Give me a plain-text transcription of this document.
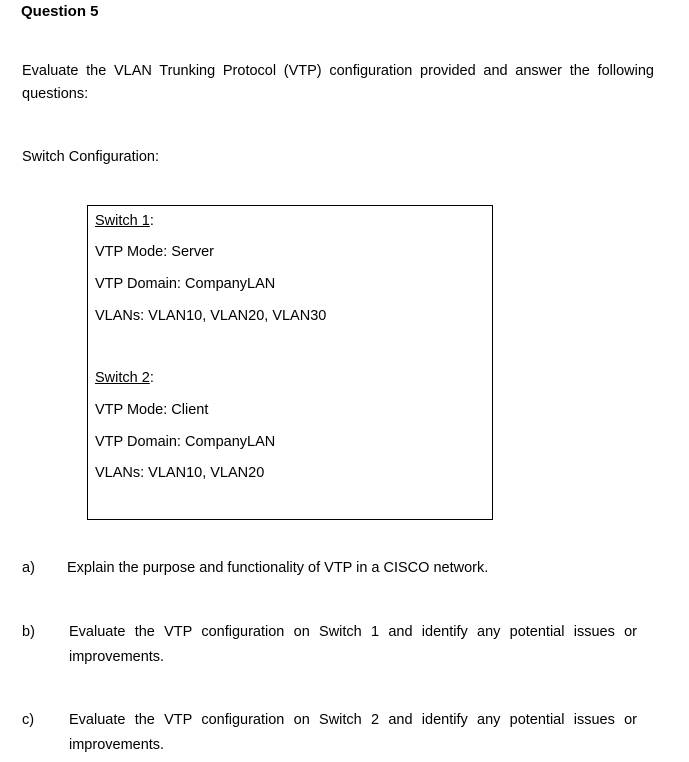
Question 5
Evaluate the VLAN Trunking Protocol (VTP) configuration provided and answer the following
questions:
Switch Configuration:
Switch 1:
VTP Mode: Server
VTP Domain: CompanyLAN
VLANs: VLAN10, VLAN20, VLAN30
Switch 2:
VTP Mode: Client
VTP Domain: CompanyLAN
VLANs: VLAN10, VLAN20
a) Explain the purpose and functionality of VTP in a CISCO network.
b) Evaluate the VTP configuration on Switch 1 and identify any potential issues or
improvements.
c) Evaluate the VTP configuration on Switch 2 and identify any potential issues or
improvements.
